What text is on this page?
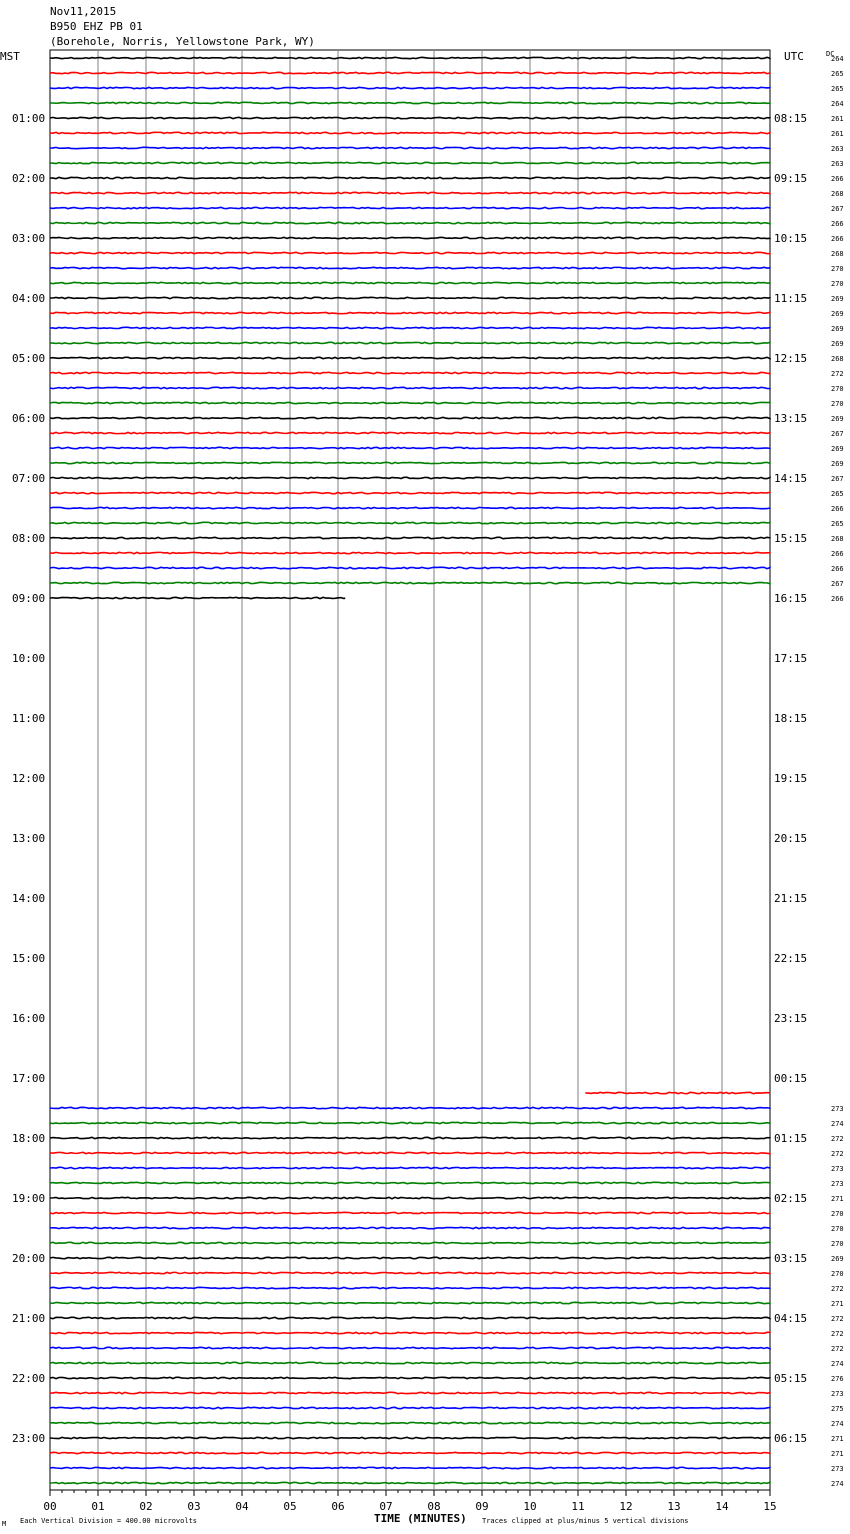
Nov11,2015
B950 EHZ PB 01
(Borehole, Norris, Yellowstone Park, WY)
MST	UTC	DC
01:00
02:00
03:00
04:00
05:00
06:00
07:00
08:00
09:00
10:00
11:00
12:00
13:00
14:00
15:00
16:00
17:00
18:00
19:00
20:00
21:00
22:00
23:00
08:15
09:15
10:15
11:15
12:15
13:15
14:15
15:15
16:15
17:15
18:15
19:15
20:15
21:15
22:15
23:15
00:15
01:15
02:15
03:15
04:15
05:15
06:15
264
265
265
264
261
261
263
263
266
268
267
266
266
268
270
270
269
269
269
269
268
272
270
270
269
267
269
269
267
265
266
265
268
266
266
267
266
273
274
272
272
273
273
271
270
270
270
269
270
272
271
272
272
272
274
276
273
275
274
271
271
273
274
00	01	02	03	04	05	06	07	08	09	10	11	12	13	14	15
M Each Vertical Division = 400.00 microvolts	TIME (MINUTES) Traces clipped at plus/minus 5 vertical divisions
